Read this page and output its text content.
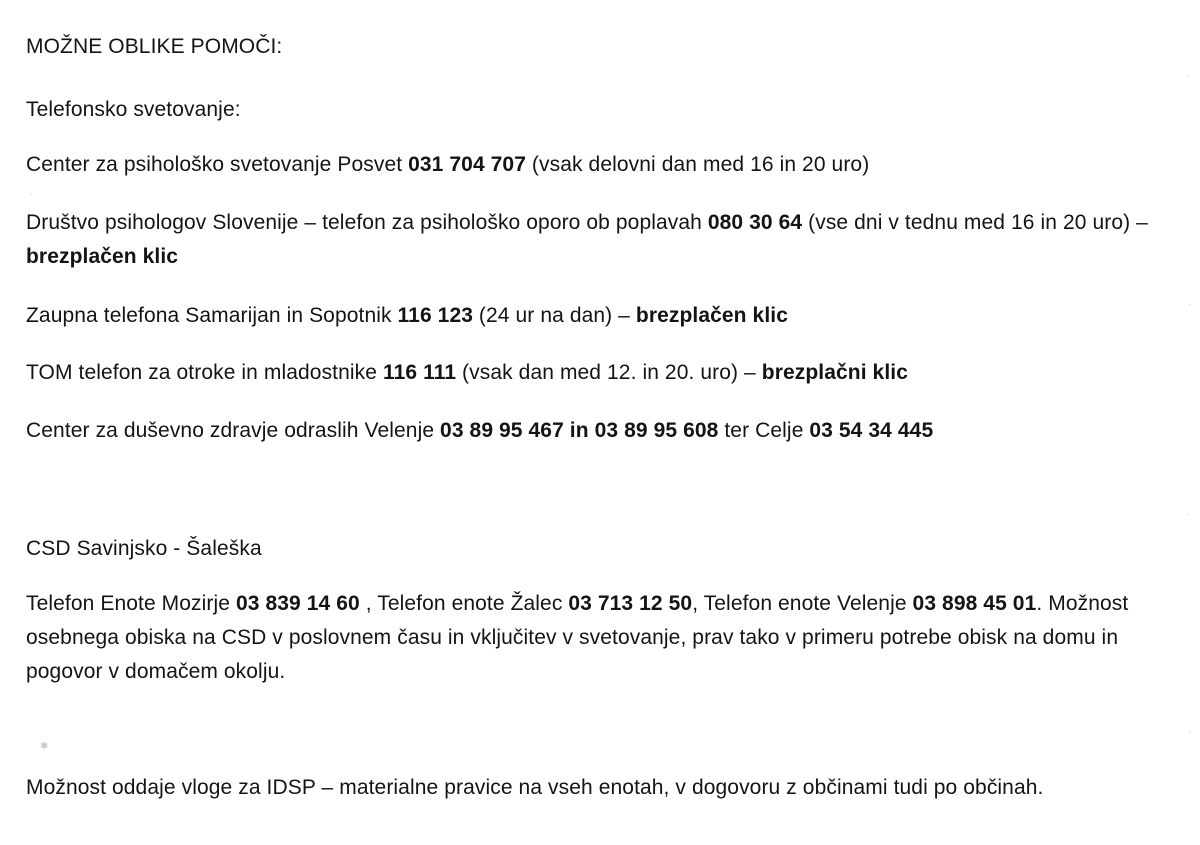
MOŽNE OBLIKE POMOČI:
Telefonsko svetovanje:
Center za psihološko svetovanje Posvet 031 704 707 (vsak delovni dan med 16 in 20 uro)
Društvo psihologov Slovenije – telefon za psihološko oporo ob poplavah 080 30 64 (vse dni v tednu med 16 in 20 uro) – brezplačen klic
Zaupna telefona Samarijan in Sopotnik 116 123 (24 ur na dan) – brezplačen klic
TOM telefon za otroke in mladostnike 116 111 (vsak dan med 12. in 20. uro) – brezplačni klic
Center za duševno zdravje odraslih Velenje 03 89 95 467 in 03 89 95 608 ter Celje 03 54 34 445
CSD Savinjsko - Šaleška
Telefon Enote Mozirje 03 839 14 60 , Telefon enote Žalec 03 713 12 50, Telefon enote Velenje 03 898 45 01. Možnost osebnega obiska na CSD v poslovnem času in vključitev v svetovanje, prav tako v primeru potrebe obisk na domu in pogovor v domačem okolju.
Možnost oddaje vloge za IDSP – materialne pravice na vseh enotah, v dogovoru z občinami tudi po občinah.
·
✱
·
·
·
·
